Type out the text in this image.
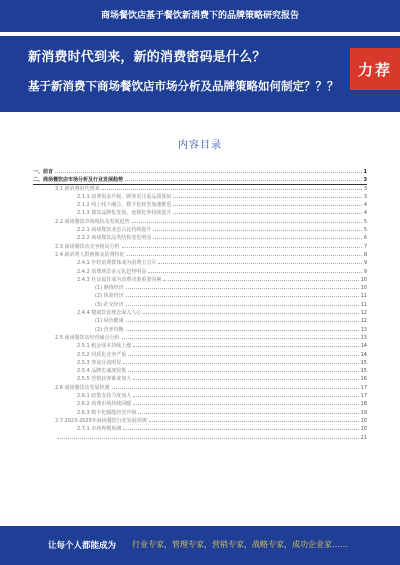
商场餐饮店基于餐饮新消费下的品牌策略研究报告
新消费时代到来，新的消费密码是什么？
基于新消费下商场餐饮店市场分析及品牌策略如何制定？？？
力荐
内容目录
一、前言	1
二、商场餐饮店市场分析及行业发展趋势	3
2.1 新消费时代到来	3
2.1.1 消费需求升级，顾客更注重品质体验	3
2.1.2 线上线下融合，数字化转型加速推进	4
2.1.3 餐饮品牌化发展，连锁化率持续提升	4
2.2 商场餐饮市场现状及发展趋势	5
2.2.1 商场餐饮业态占比持续提升	5
2.2.2 商场餐饮品类结构变化明显	6
2.3 商场餐饮店竞争格局分析	7
2.4 新消费人群画像及消费特征	8
2.4.1 年轻消费群体成为消费主力军	9
2.4.2 消费场景多元化趋势明显	9
2.4.3 社交属性成为消费决策重要因素	10
(1) 颜值经济	10
(2) 体验经济	11
(3) 社交经济	11
2.4.4 健康饮食理念深入人心	12
(1) 绿色健康	12
(2) 营养均衡	13
2.5 商场餐饮店经营痛点分析	13
2.5.1 租金成本持续上涨	14
2.5.2 同质化竞争严重	14
2.5.3 客流分流明显	15
2.5.4 品牌忠诚度较低	15
2.5.5 营销获客难度加大	16
2.6 商场餐饮店发展机遇	17
2.6.1 政策支持力度加大	17
2.6.2 消费市场持续回暖	18
2.6.3 数字化赋能经营升级	19
2.7 2023-2025年商场餐饮行业发展预测	20
2.7.1 市场规模预测	20
21
让每个人都能成为 行业专家，管理专家，营销专家，战略专家，成功企业家……
